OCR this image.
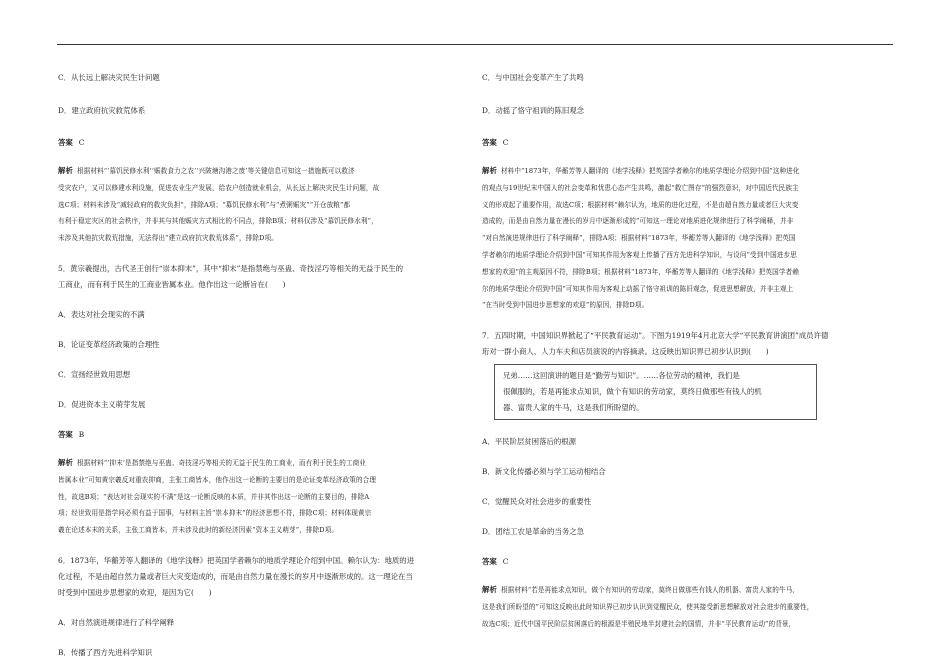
C．从长远上解决灾民生计问题
D．建立政府抗灾救荒体系
答案 C
解析 根据材料“‘慕饥民修水利’‘赈救食力之农’‘兴陂塘沟港之废’等关键信息可知这一措施既可以救济
受灾农户，又可以修建水利设施，促进农业生产发展，给农户创造就业机会，从长远上解决灾民生计问题，故
选C项；材料未涉及“减轻政府的救灾负担”，排除A项；“募饥民修水利”与“煮粥赈灾”“开仓放粮”都
有利于稳定灾区的社会秩序，并非其与其他赈灾方式相比的不同点，排除B项；材料仅涉及“慕饥民修水利”，
未涉及其他抗灾救荒措施，无法得出“建立政府抗灾救荒体系”，排除D项。
5．黄宗羲提出，古代圣王创行“崇本抑末”，其中“抑末”是指禁绝与巫蛊、奇技淫巧等相关的无益于民生的
工商业，而有利于民生的工商业皆属本业。他作出这一论断旨在(　　)
A．表达对社会现实的不满
B．论证变革经济政策的合理性
C．宣扬经世致用思想
D．促进资本主义萌芽发展
答案 B
解析 根据材料“‘抑末’是指禁绝与巫蛊、奇技淫巧等相关的无益于民生的工商业，而有利于民生的工商业
皆属本业”可知黄宗羲反对重农抑商，主张工商皆本，他作出这一论断的主要目的是论证变革经济政策的合理
性，故选B项；“表达对社会现实的不满”是这一论断反映的本质，并非其作出这一论断的主要目的，排除A
项；经世致用是指学问必须有益于国事，与材料主旨“崇本抑末”的经济思想不符，排除C项；材料体现黄宗
羲在论述本末的关系，主张工商皆本，并未涉及此时的新经济因素“资本主义萌芽”，排除D项。
6．1873年，华蘅芳等人翻译的《地学浅释》把英国学者赖尔的地质学理论介绍到中国。赖尔认为：地质的进
化过程，不是由超自然力量或者巨大灾变造成的，而是由自然力量在漫长的岁月中逐渐形成的。这一理论在当
时受到中国进步思想家的欢迎，是因为它(　　)
A．对自然演进规律进行了科学阐释
B．传播了西方先进科学知识
C．与中国社会变革产生了共鸣
D．动摇了恪守祖训的陈旧观念
答案 C
解析 材料中“1873年，华蘅芳等人翻译的《地学浅释》把英国学者赖尔的地质学理论介绍到中国”这种进化
的观点与19世纪末中国人的社会变革和忧患心态产生共鸣，激起“救亡图存”的强烈意识，对中国近代民族主
义的形成起了重要作用，故选C项；根据材料“赖尔认为，地质的进化过程，不是由超自然力量或者巨大灾变
造成的，而是由自然力量在漫长的岁月中逐渐形成的”可知这一理论对地质进化规律进行了科学阐释，并非
“对自然演进规律进行了科学阐释”，排除A项；根据材料“1873年，华蘅芳等人翻译的《地学浅释》把英国
学者赖尔的地质学理论介绍到中国”可知其作用为客观上传播了西方先进科学知识，与设问“受到中国进步思
想家的欢迎”的主观原因不符，排除B项；根据材料“1873年，华蘅芳等人翻译的《地学浅释》把英国学者赖
尔的地质学理论介绍到中国”可知其作用为客观上动摇了恪守祖训的陈旧观念，促进思想解放，并非主观上
“在当时受到中国进步思想家的欢迎”的原因，排除D项。
7．五四时期，中国知识界掀起了“平民教育运动”。下图为1919年4月北京大学“平民教育讲演团”成员许德
珩对一群小商人、人力车夫和店员演说的内容摘录。这反映出知识界已初步认识到(　　)
兄弟……这回演讲的题目是“勤劳与知识”。……各位劳动的精神，我们是
很佩服的，若是再能求点知识，做个有知识的劳动家，莫终日做那些有钱人的机
器、富贵人家的牛马，这是我们所盼望的。
A．平民阶层贫困落后的根源
B．新文化传播必须与学工运动相结合
C．觉醒民众对社会进步的重要性
D．团结工农是革命的当务之急
答案 C
解析 根据材料“若是再能求点知识，做个有知识的劳动家，莫终日做那些有钱人的机器、富贵人家的牛马，
这是我们所盼望的”可知这反映出此时知识界已初步认识到觉醒民众，使其接受新思想解放对社会进步的重要性，
故选C项；近代中国平民阶层贫困落后的根源是半殖民地半封建社会的国情，并非“平民教育运动”的背景，
